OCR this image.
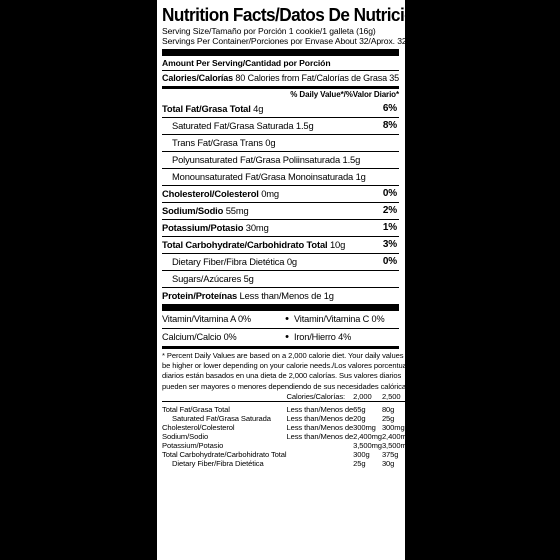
Nutrition Facts/Datos De Nutrición
Serving Size/Tamaño por Porción 1 cookie/1 galleta (16g)
Servings Per Container/Porciones por Envase About 32/Aprox. 32
Amount Per Serving/Cantidad por Porción
Calories/Calorías 80 Calories from Fat/Calorías de Grasa 35
% Daily Value*/%Valor Diario*
Total Fat/Grasa Total 4g	6%
Saturated Fat/Grasa Saturada 1.5g	8%
Trans Fat/Grasa Trans 0g
Polyunsaturated Fat/Grasa Poliinsaturada 1.5g
Monounsaturated Fat/Grasa Monoinsaturada 1g
Cholesterol/Colesterol 0mg	0%
Sodium/Sodio 55mg	2%
Potassium/Potasio 30mg	1%
Total Carbohydrate/Carbohidrato Total 10g	3%
Dietary Fiber/Fibra Dietética 0g	0%
Sugars/Azúcares 5g
Protein/Proteínas Less than/Menos de 1g
Vitamin/Vitamina A 0%	• Vitamin/Vitamina C 0%
Calcium/Calcio 0%	• Iron/Hierro 4%
* Percent Daily Values are based on a 2,000 calorie diet. Your daily values may
be higher or lower depending on your calorie needs./Los valores porcentuales
diarios están basados en una dieta de 2,000 calorías. Sus valores diarios
pueden ser mayores o menores dependiendo de sus necesidades calóricas:
	Calories/Calorías:	2,000	2,500

Total Fat/Grasa Total	Less than/Menos de	65g	80g
Saturated Fat/Grasa Saturada	Less than/Menos de	20g	25g
Cholesterol/Colesterol	Less than/Menos de	300mg	300mg
Sodium/Sodio	Less than/Menos de	2,400mg	2,400mg
Potassium/Potasio		3,500mg	3,500mg
Total Carbohydrate/Carbohidrato Total		300g	375g
Dietary Fiber/Fibra Dietética		25g	30g
